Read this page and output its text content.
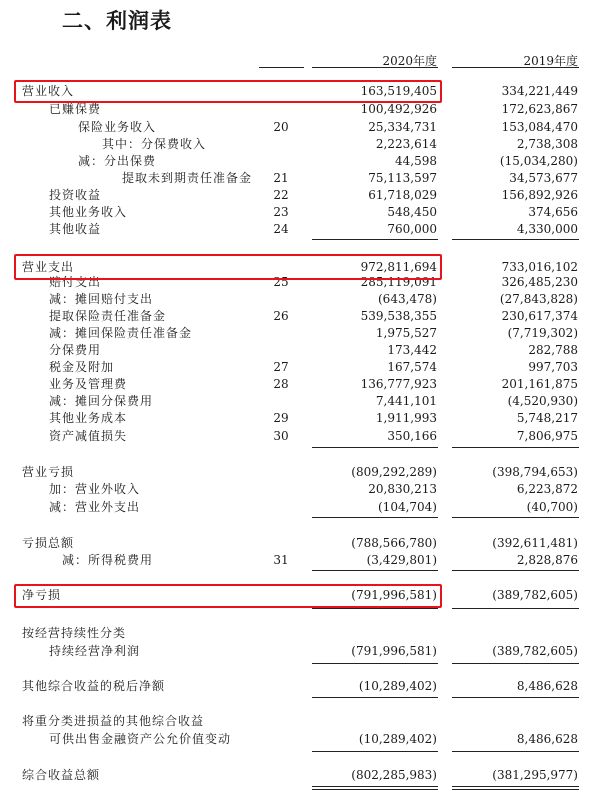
二、利润表
2020年度	2019年度
营业收入	163,519,405	334,221,449
已赚保费	100,492,926	172,623,867
保险业务收入	20	25,334,731	153,084,470
其中：分保费收入	2,223,614	2,738,308
减：分出保费	44,598	(15,034,280)
提取未到期责任准备金	21	75,113,597	34,573,677
投资收益	22	61,718,029	156,892,926
其他业务收入	23	548,450	374,656
其他收益	24	760,000	4,330,000
营业支出	972,811,694	733,016,102
赔付支出	25	285,119,091	326,485,230
减：摊回赔付支出	(643,478)	(27,843,828)
提取保险责任准备金	26	539,538,355	230,617,374
减：摊回保险责任准备金	1,975,527	(7,719,302)
分保费用	173,442	282,788
税金及附加	27	167,574	997,703
业务及管理费	28	136,777,923	201,161,875
减：摊回分保费用	7,441,101	(4,520,930)
其他业务成本	29	1,911,993	5,748,217
资产减值损失	30	350,166	7,806,975
营业亏损	(809,292,289)	(398,794,653)
加：营业外收入	20,830,213	6,223,872
减：营业外支出	(104,704)	(40,700)
亏损总额	(788,566,780)	(392,611,481)
减：所得税费用	31	(3,429,801)	2,828,876
净亏损	(791,996,581)	(389,782,605)
按经营持续性分类
持续经营净利润	(791,996,581)	(389,782,605)
其他综合收益的税后净额	(10,289,402)	8,486,628
将重分类进损益的其他综合收益
可供出售金融资产公允价值变动	(10,289,402)	8,486,628
综合收益总额	(802,285,983)	(381,295,977)
